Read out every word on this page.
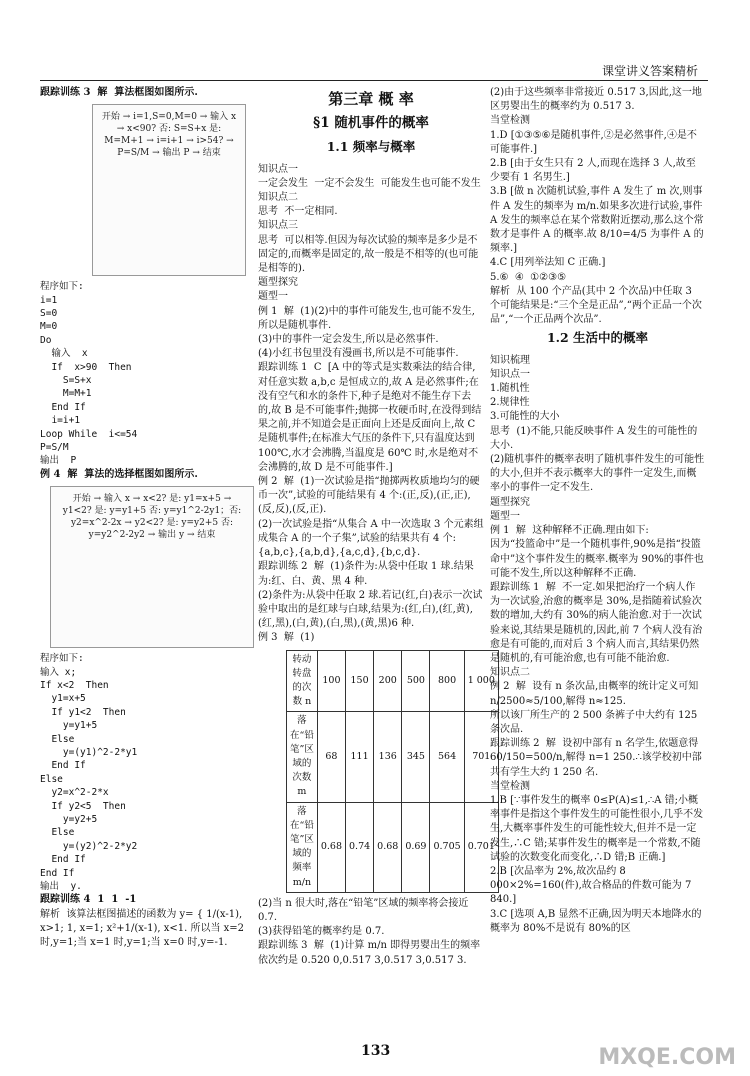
课堂讲义答案精析

跟踪训练 3  解  算法框图如图所示.

开始 → i=1,S=0,M=0 → 输入 x → x<90? 否: S=S+x 是: M=M+1 → i=i+1 → i>54? → P=S/M → 输出 P → 结束
程序如下:
i=1
S=0
M=0
Do
输入  x
If  x>90  Then
S=S+x
M=M+1
End If
i=i+1
Loop While  i<=54
P=S/M
输出  P

例 4  解  算法的选择框图如图所示.

开始 → 输入 x → x<2? 是: y1=x+5 → y1<2? 是: y=y1+5 否: y=y1^2-2y1；否: y2=x^2-2x → y2<2? 是: y=y2+5 否: y=y2^2-2y2 → 输出 y → 结束
程序如下:
输入 x;
If x<2  Then
y1=x+5
If y1<2  Then
y=y1+5
Else
y=(y1)^2-2*y1
End If
Else
y2=x^2-2*x
If y2<5  Then
y=y2+5
Else
y=(y2)^2-2*y2
End If
End If
输出  y.

跟踪训练 4  1  1  -1

解析  该算法框图描述的函数为 y= { 1/(x-1), x>1; 1, x=1; x²+1/(x-1), x<1. 所以当 x=2 时,y=1;当 x=1 时,y=1;当 x=0 时,y=-1.

第三章 概 率
§1 随机事件的概率
1.1 频率与概率

知识点一
一定会发生  一定不会发生  可能发生也可能不发生
知识点二
思考  不一定相同.
知识点三
思考  可以相等.但因为每次试验的频率是多少是不固定的,而概率是固定的,故一般是不相等的(也可能是相等的).
题型探究
题型一
例 1  解  (1)(2)中的事件可能发生,也可能不发生,所以是随机事件.
(3)中的事件一定会发生,所以是必然事件.
(4)小红书包里没有漫画书,所以是不可能事件.
跟踪训练 1  C  [A 中的等式是实数乘法的结合律,对任意实数 a,b,c 是恒成立的,故 A 是必然事件;在没有空气和水的条件下,种子是绝对不能生存下去的,故 B 是不可能事件;抛掷一枚硬币时,在没得到结果之前,并不知道会是正面向上还是反面向上,故 C 是随机事件;在标准大气压的条件下,只有温度达到 100℃,水才会沸腾,当温度是 60℃ 时,水是绝对不会沸腾的,故 D 是不可能事件.]
例 2  解  (1)一次试验是指“抛掷两枚质地均匀的硬币一次”,试验的可能结果有 4 个:(正,反),(正,正),(反,反),(反,正).
(2)一次试验是指“从集合 A 中一次选取 3 个元素组成集合 A 的一个子集”,试验的结果共有 4 个:{a,b,c},{a,b,d},{a,c,d},{b,c,d}.
跟踪训练 2  解  (1)条件为:从袋中任取 1 球.结果为:红、白、黄、黑 4 种.
(2)条件为:从袋中任取 2 球.若记(红,白)表示一次试验中取出的是红球与白球,结果为:(红,白),(红,黄),(红,黑),(白,黄),(白,黑),(黄,黑)6 种.
例 3  解  (1)

转动转盘的次数 n	100	150	200	500	800	1 000
落在“铅笔”区域的次数 m	68	111	136	345	564	701
落在“铅笔”区域的频率 m/n	0.68	0.74	0.68	0.69	0.705	0.701

(2)当 n 很大时,落在“铅笔”区域的频率将会接近 0.7.
(3)获得铅笔的概率约是 0.7.
跟踪训练 3  解  (1)计算 m/n 即得男婴出生的频率依次约是 0.520 0,0.517 3,0.517 3,0.517 3.

(2)由于这些频率非常接近 0.517 3,因此,这一地区男婴出生的概率约为 0.517 3.
当堂检测
1.D [①③⑤⑥是随机事件,②是必然事件,④是不可能事件.]
2.B [由于女生只有 2 人,而现在选择 3 人,故至少要有 1 名男生.]
3.B [做 n 次随机试验,事件 A 发生了 m 次,则事件 A 发生的频率为 m/n.如果多次进行试验,事件 A 发生的频率总在某个常数附近摆动,那么这个常数才是事件 A 的概率.故 8/10=4/5 为事件 A 的频率.]
4.C [用列举法知 C 正确.]
5.⑥  ④  ①②③⑤
解析  从 100 个产品(其中 2 个次品)中任取 3 个可能结果是:“三个全是正品”,“两个正品一个次品”,“一个正品两个次品”.

1.2 生活中的概率

知识梳理
知识点一
1.随机性
2.规律性
3.可能性的大小
思考  (1)不能,只能反映事件 A 发生的可能性的大小.
(2)随机事件的概率表明了随机事件发生的可能性的大小,但并不表示概率大的事件一定发生,而概率小的事件一定不发生.
题型探究
题型一
例 1  解  这种解释不正确.理由如下:
因为“投篮命中”是一个随机事件,90%是指“投篮命中”这个事件发生的概率.概率为 90%的事件也可能不发生,所以这种解释不正确.
跟踪训练 1  解  不一定.如果把治疗一个病人作为一次试验,治愈的概率是 30%,是指随着试验次数的增加,大约有 30%的病人能治愈.对于一次试验来说,其结果是随机的,因此,前 7 个病人没有治愈是有可能的,而对后 3 个病人而言,其结果仍然是随机的,有可能治愈,也有可能不能治愈.
知识点二
例 2  解  设有 n 条次品,由概率的统计定义可知 n/2500≈5/100,解得 n≈125.
所以该厂所生产的 2 500 条裤子中大约有 125 条次品.
跟踪训练 2  解  设初中部有 n 名学生,依题意得 60/150=500/n,解得 n=1 250.∴该学校初中部共有学生大约 1 250 名.
当堂检测
1.B [∵事件发生的概率 0≤P(A)≤1,∴A 错;小概率事件是指这个事件发生的可能性很小,几乎不发生,大概率事件发生的可能性较大,但并不是一定发生,∴C 错;某事件发生的概率是一个常数,不随试验的次数变化而变化,∴D 错;B 正确.]
2.B [次品率为 2%,故次品约 8 000×2%=160(件),故合格品的件数可能为 7 840.]
3.C [选项 A,B 显然不正确,因为明天本地降水的概率为 80%不是说有 80%的区

133	MXQE.COM
